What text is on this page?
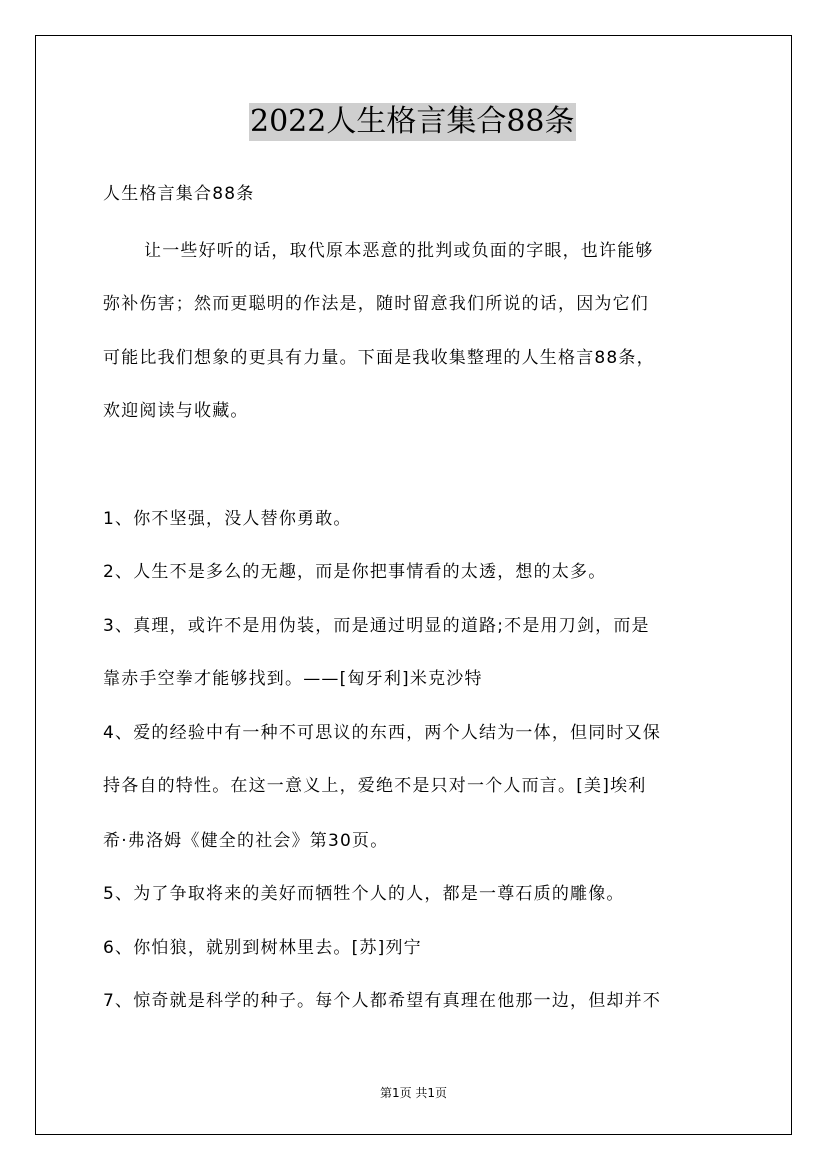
2022人生格言集合88条
人生格言集合88条
让一些好听的话，取代原本恶意的批判或负面的字眼，也许能够
弥补伤害；然而更聪明的作法是，随时留意我们所说的话，因为它们
可能比我们想象的更具有力量。下面是我收集整理的人生格言88条，
欢迎阅读与收藏。
1、你不坚强，没人替你勇敢。
2、人生不是多么的无趣，而是你把事情看的太透，想的太多。
3、真理，或许不是用伪装，而是通过明显的道路;不是用刀剑，而是
靠赤手空拳才能够找到。——[匈牙利]米克沙特
4、爱的经验中有一种不可思议的东西，两个人结为一体，但同时又保
持各自的特性。在这一意义上，爱绝不是只对一个人而言。[美]埃利
希·弗洛姆《健全的社会》第30页。
5、为了争取将来的美好而牺牲个人的人，都是一尊石质的雕像。
6、你怕狼，就别到树林里去。[苏]列宁
7、惊奇就是科学的种子。每个人都希望有真理在他那一边，但却并不
第1页 共1页
